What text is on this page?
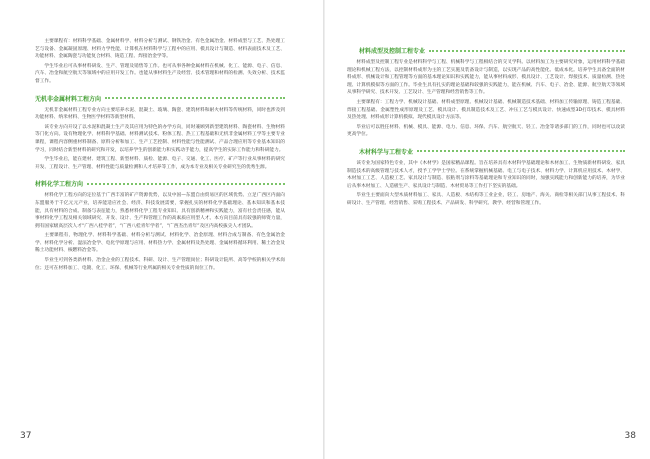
主要课程有：材料科学基础、金属材料学、材料分析与测试、钢铁冶金、有色金属冶金、材料成型与工艺、热处理工艺与设备、金属凝固原理、材料力学性能、计算机在材料科学与工程中的应用、模具设计与制造、材料表面技术及工艺、功能材料、金属陶瓷与功能复合材料、铸造工程、焊接冶金学等。

学生毕业后可从事材料研发、生产、管理及销售等工作。也可从事各种金属材料在机械、化工、能源、电子、信息、汽车、冶金和航空航天等领域中的应用开发工作。也能从事材料生产及经营、技术管理和材料的检测、失效分析、技术监督工作。

无机非金属材料工程方向

无机非金属材料工程专业方向主要培养水泥、混凝土、玻璃、陶瓷、建筑材料和耐火材料等传统材料，同时也涉及到功能材料、纳米材料、生物医学材料等新型材料。

该专业方向开设了以水泥和混凝土生产及其应用为特色的办学方向，同时兼顾到新型建筑材料、陶瓷材料、生物材料等门化方向。设有物理化学、材料科学基础、材料测试技术、粉体工程、热工工程基础和无机非金属材料工学等主要专业课程，课程内容侧重材料制备、原料分析和加工、生产工艺控制、材料性能与性能测试、产品合理应用等专业基本知识的学习，同时结合新型材料的研究和开发，以培养学生的创新能力和实践动手能力，提高学生的实际工作能力和科研能力。

学生毕业后，能在建材、建筑工程、新型材料、质检、能源、电子、交通、化工、医疗、矿产等行业从事材料的研究开发、工程设计、生产管理、材料性能与质量检测和人才培养等工作，成为本专业及相关专业研究生的优秀生源。

材料化学工程方向

材料化学工程方向的定位基于广西丰富的矿产资源优势，以及中国—东盟自由贸易区的区域优势。立足广西区内面向东盟服务于千亿元元产业，培养能适应社会、经济、科技发展需要，掌握扎实的材料化学基础理论、基本知识和基本技能，具有材料的合成、制备与表征能力，熟悉材料化学工程专业知识、具有创新精神和实践能力，富有社会责任感，能从事材料化学工程及相关领域研究、开发、设计、生产和管理工作的高素质应用型人才。本方向目前具有较强的师资力量，拥有国家级高层次人才“广西八桂学者”，“广西八桂青年学者”，“广西杰出青年”及区内高校拔尖人才团队。

主要课程有，物理化学、材料科学基础、材料分析与测试、材料化学、冶金原理、材料合成与制备、有色金属冶金学、材料化学分析、湿法冶金学、电化学原理与应用、材料热力学、金属材料及热处理、金属材料循环利用、稀土冶金及稀土功能材料、核燃料冶金等。

毕业生可到各类新材料、冶金企业的工程技术、科研、设计、生产管理岗位；科研设计院所、高等学校的相关学术岗位；还可在材料加工、电镀、化工、环保、机械等行业所属的相关专业性质的岗位工作。

37
材料成型及控制工程专业

材料成型及控制工程专业是材料科学与工程、机械科学与工程相结合的交叉学科。以材料加工为主要研究对象，运用材料科学基础理论和机械工程方法，以控制材料成形为主的工艺实施及装备设计与制造，以实现产品的高性能化、低成本化。培养学生具备全面的材料成形、机械设计和工程管理等方面的基本理论知识和实践能力，能从事材料成形、模具设计、工艺设计、焊接技术、质量检测、热处理、计算机模拟等方面的工作。毕业生具有扎实的理论基础和较强的实践能力，能在机械、汽车、电子、冶金、能源、航空航天等领域从事科学研究、技术开发、工艺设计、生产管理和经营销售等工作。

主要课程有：工程力学、机械设计基础、材料成型原理、机械设计基础、机械制造技术基础、材料加工传输原理、铸造工程基础、焊接工程基础、金属塑性成形原理及工艺、模具设计、模具制造技术及工艺、冲压工艺与模具设计、快速成型3D打印技术、模具材料及热处理、材料成形计算机模拟、现代模具设计方法等。

毕业后可以胜任材料、机械、模具、能源、电力、信息、环保、汽车、航空航天、轻工、冶金等诸多部门的工作，同时也可以攻读更高学位。

木材科学与工程专业

该专业为国家特色专业，其中《木材学》是国家精品课程。旨在培养具有木材科学基础理论和木材加工、生物质新材料研发、家具制造技术的高级管理与技术人才，授予工学学士学位。在系统掌握机械基础、电工与电子技术、材料力学、计算机应用技术、木材学、木材加工工艺、人造板工艺、家具设计与制造、胶粘剂与涂料等基础理论和专业知识的同时，加强实践能力和创新能力的培养，为毕业后从事木材加工、人造板生产、家具设计与制造、木材贸易等工作打下坚实的基础。

毕业生主要面向大型木质材料加工、家具、人造板、木结构等工业企业，轻工、房地产、海关、商检等相关部门从事工程技术、科研设计、生产管理、经营销售、采购工程技术、产品研发、科学研究、教学、经营和管理工作。

38
